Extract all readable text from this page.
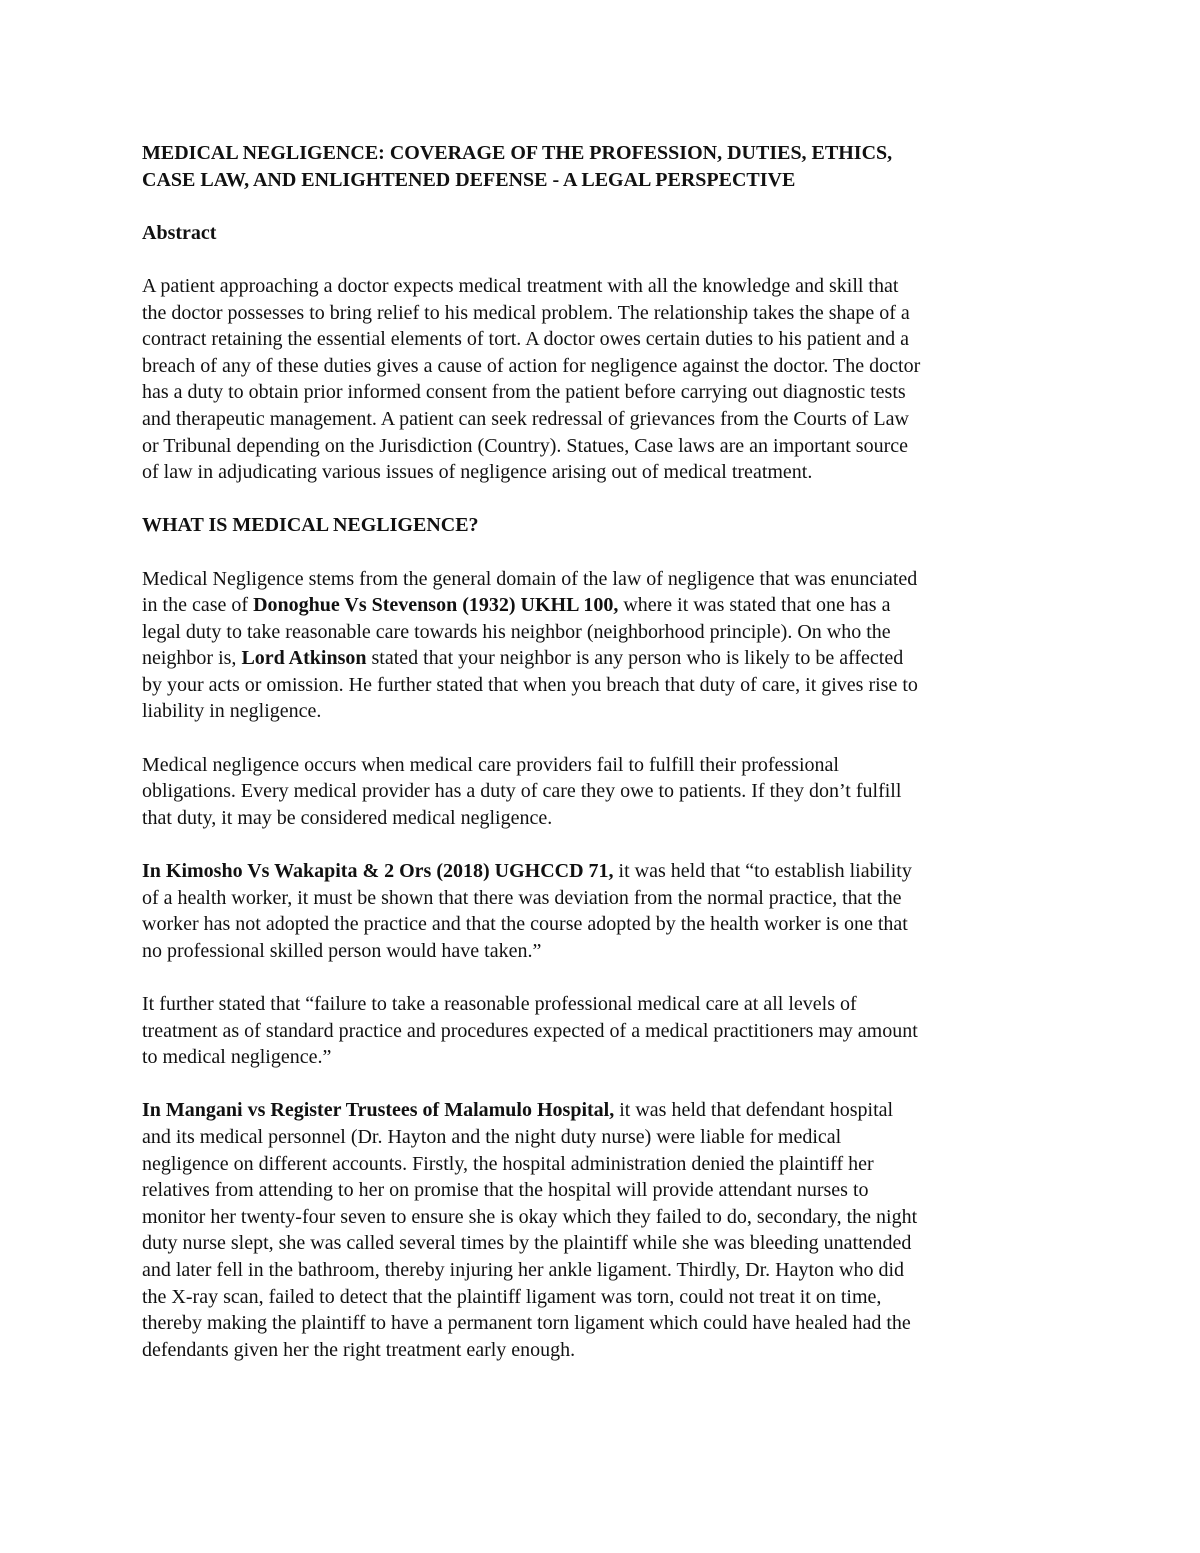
MEDICAL NEGLIGENCE: COVERAGE OF THE PROFESSION, DUTIES, ETHICS,
CASE LAW, AND ENLIGHTENED DEFENSE - A LEGAL PERSPECTIVE
Abstract
A patient approaching a doctor expects medical treatment with all the knowledge and skill that
the doctor possesses to bring relief to his medical problem. The relationship takes the shape of a
contract retaining the essential elements of tort. A doctor owes certain duties to his patient and a
breach of any of these duties gives a cause of action for negligence against the doctor. The doctor
has a duty to obtain prior informed consent from the patient before carrying out diagnostic tests
and therapeutic management. A patient can seek redressal of grievances from the Courts of Law
or Tribunal depending on the Jurisdiction (Country). Statues, Case laws are an important source
of law in adjudicating various issues of negligence arising out of medical treatment.
WHAT IS MEDICAL NEGLIGENCE?
Medical Negligence stems from the general domain of the law of negligence that was enunciated
in the case of Donoghue Vs Stevenson (1932) UKHL 100, where it was stated that one has a
legal duty to take reasonable care towards his neighbor (neighborhood principle). On who the
neighbor is, Lord Atkinson stated that your neighbor is any person who is likely to be affected
by your acts or omission. He further stated that when you breach that duty of care, it gives rise to
liability in negligence.
Medical negligence occurs when medical care providers fail to fulfill their professional
obligations. Every medical provider has a duty of care they owe to patients. If they don’t fulfill
that duty, it may be considered medical negligence.
In Kimosho Vs Wakapita & 2 Ors (2018) UGHCCD 71, it was held that “to establish liability
of a health worker, it must be shown that there was deviation from the normal practice, that the
worker has not adopted the practice and that the course adopted by the health worker is one that
no professional skilled person would have taken.”
It further stated that “failure to take a reasonable professional medical care at all levels of
treatment as of standard practice and procedures expected of a medical practitioners may amount
to medical negligence.”
In Mangani vs Register Trustees of Malamulo Hospital, it was held that defendant hospital
and its medical personnel (Dr. Hayton and the night duty nurse) were liable for medical
negligence on different accounts. Firstly, the hospital administration denied the plaintiff her
relatives from attending to her on promise that the hospital will provide attendant nurses to
monitor her twenty-four seven to ensure she is okay which they failed to do, secondary, the night
duty nurse slept, she was called several times by the plaintiff while she was bleeding unattended
and later fell in the bathroom, thereby injuring her ankle ligament. Thirdly, Dr. Hayton who did
the X-ray scan, failed to detect that the plaintiff ligament was torn, could not treat it on time,
thereby making the plaintiff to have a permanent torn ligament which could have healed had the
defendants given her the right treatment early enough.
